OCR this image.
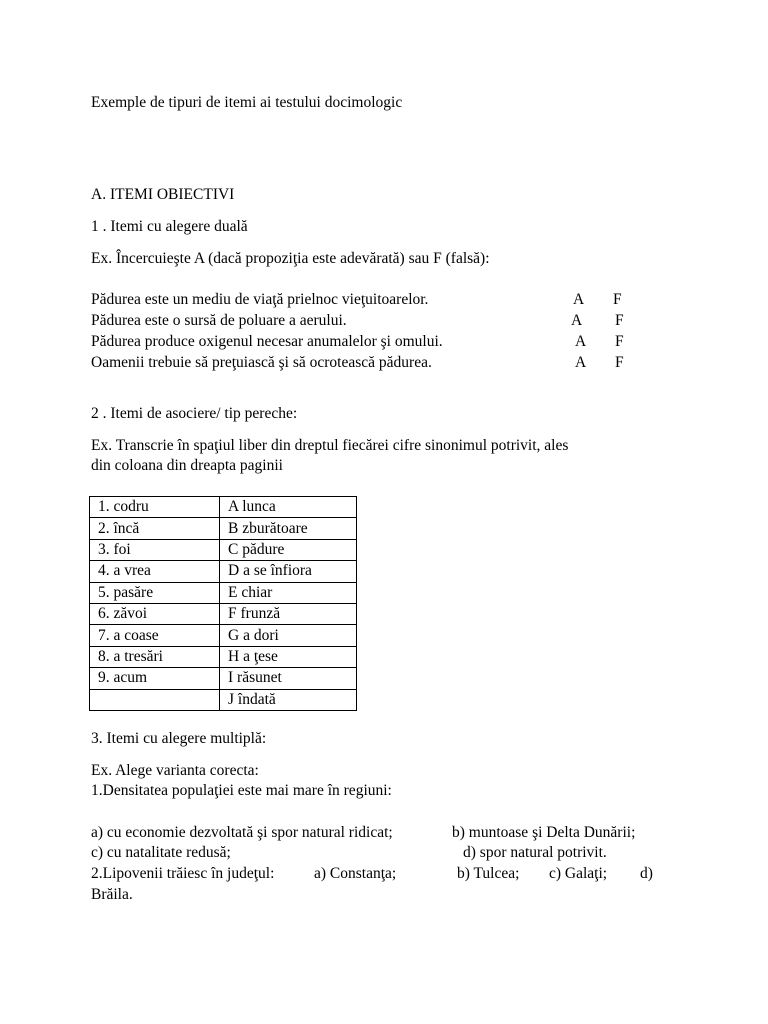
Exemple de tipuri de itemi ai testului docimologic
A. ITEMI OBIECTIVI
1 . Itemi cu alegere duală
Ex. Încercuieşte A (dacă propoziţia este adevărată) sau F (falsă):
Pădurea este un mediu de viaţă prielnoc vieţuitoarelor.	A F
Pădurea este o sursă de poluare a aerului.	A F
Pădurea produce oxigenul necesar anumalelor şi omului.	A F
Oamenii trebuie să preţuiască şi să ocrotească pădurea.	A F
2 . Itemi de asociere/ tip pereche:
Ex. Transcrie în spaţiul liber din dreptul fiecărei cifre sinonimul potrivit, ales
din coloana din dreapta paginii
1. codru	A lunca
2. încă	B zburătoare
3. foi	C pădure
4. a vrea	D a se înfiora
5. pasăre	E chiar
6. zăvoi	F frunză
7. a coase	G a dori
8. a tresări	H a ţese
9. acum	I răsunet
	J îndată
3. Itemi cu alegere multiplă:
Ex. Alege varianta corecta:
1.Densitatea populaţiei este mai mare în regiuni:
a) cu economie dezvoltată şi spor natural ridicat;	b) muntoase şi Delta Dunării;
c) cu natalitate redusă;	d) spor natural potrivit.
2.Lipovenii trăiesc în judeţul:	a) Constanţa;	b) Tulcea; c) Galaţi; d)
Brăila.
